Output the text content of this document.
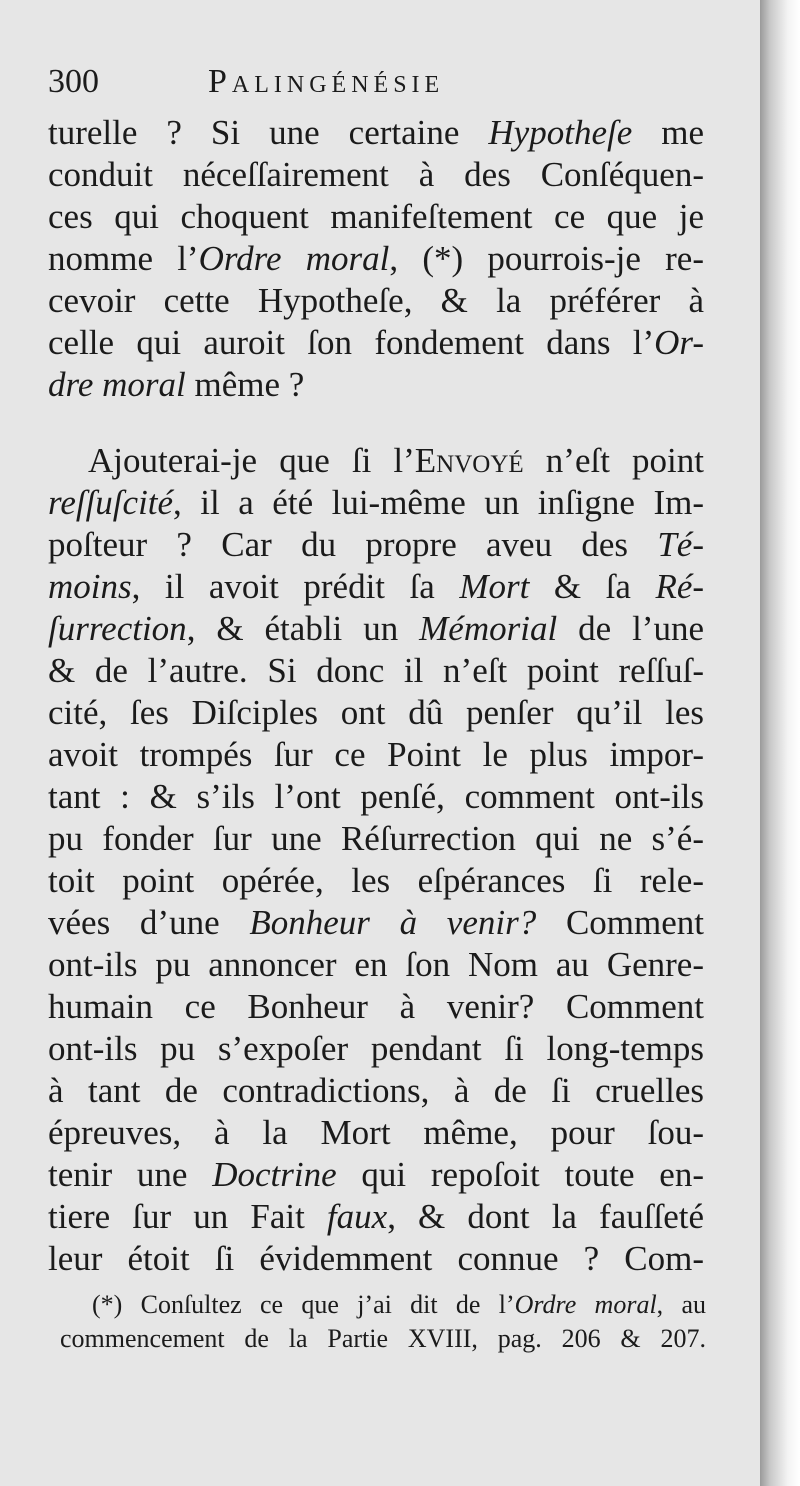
300	Palingénésie
turelle ? Si une certaine Hypotheſe me
conduit néceſſairement à des Conſéquen-
ces qui choquent manifeſtement ce que je
nomme l’Ordre moral, (*) pourrois-je re-
cevoir cette Hypotheſe, & la préférer à
celle qui auroit ſon fondement dans l’Or-
dre moral même ?
Ajouterai-je que ſi l’Envoyé n’eſt point
reſſuſcité, il a été lui-même un inſigne Im-
poſteur ? Car du propre aveu des Té-
moins, il avoit prédit ſa Mort & ſa Ré-
ſurrection, & établi un Mémorial de l’une
& de l’autre. Si donc il n’eſt point reſſuſ-
cité, ſes Diſciples ont dû penſer qu’il les
avoit trompés ſur ce Point le plus impor-
tant : & s’ils l’ont penſé, comment ont-ils
pu fonder ſur une Réſurrection qui ne s’é-
toit point opérée, les eſpérances ſi rele-
vées d’une Bonheur à venir? Comment
ont-ils pu annoncer en ſon Nom au Genre-
humain ce Bonheur à venir? Comment
ont-ils pu s’expoſer pendant ſi long-temps
à tant de contradictions, à de ſi cruelles
épreuves, à la Mort même, pour ſou-
tenir une Doctrine qui repoſoit toute en-
tiere ſur un Fait faux, & dont la fauſſeté
leur étoit ſi évidemment connue ? Com-
(*) Conſultez ce que j’ai dit de l’Ordre moral, au
commencement de la Partie XVIII, pag. 206 & 207.
